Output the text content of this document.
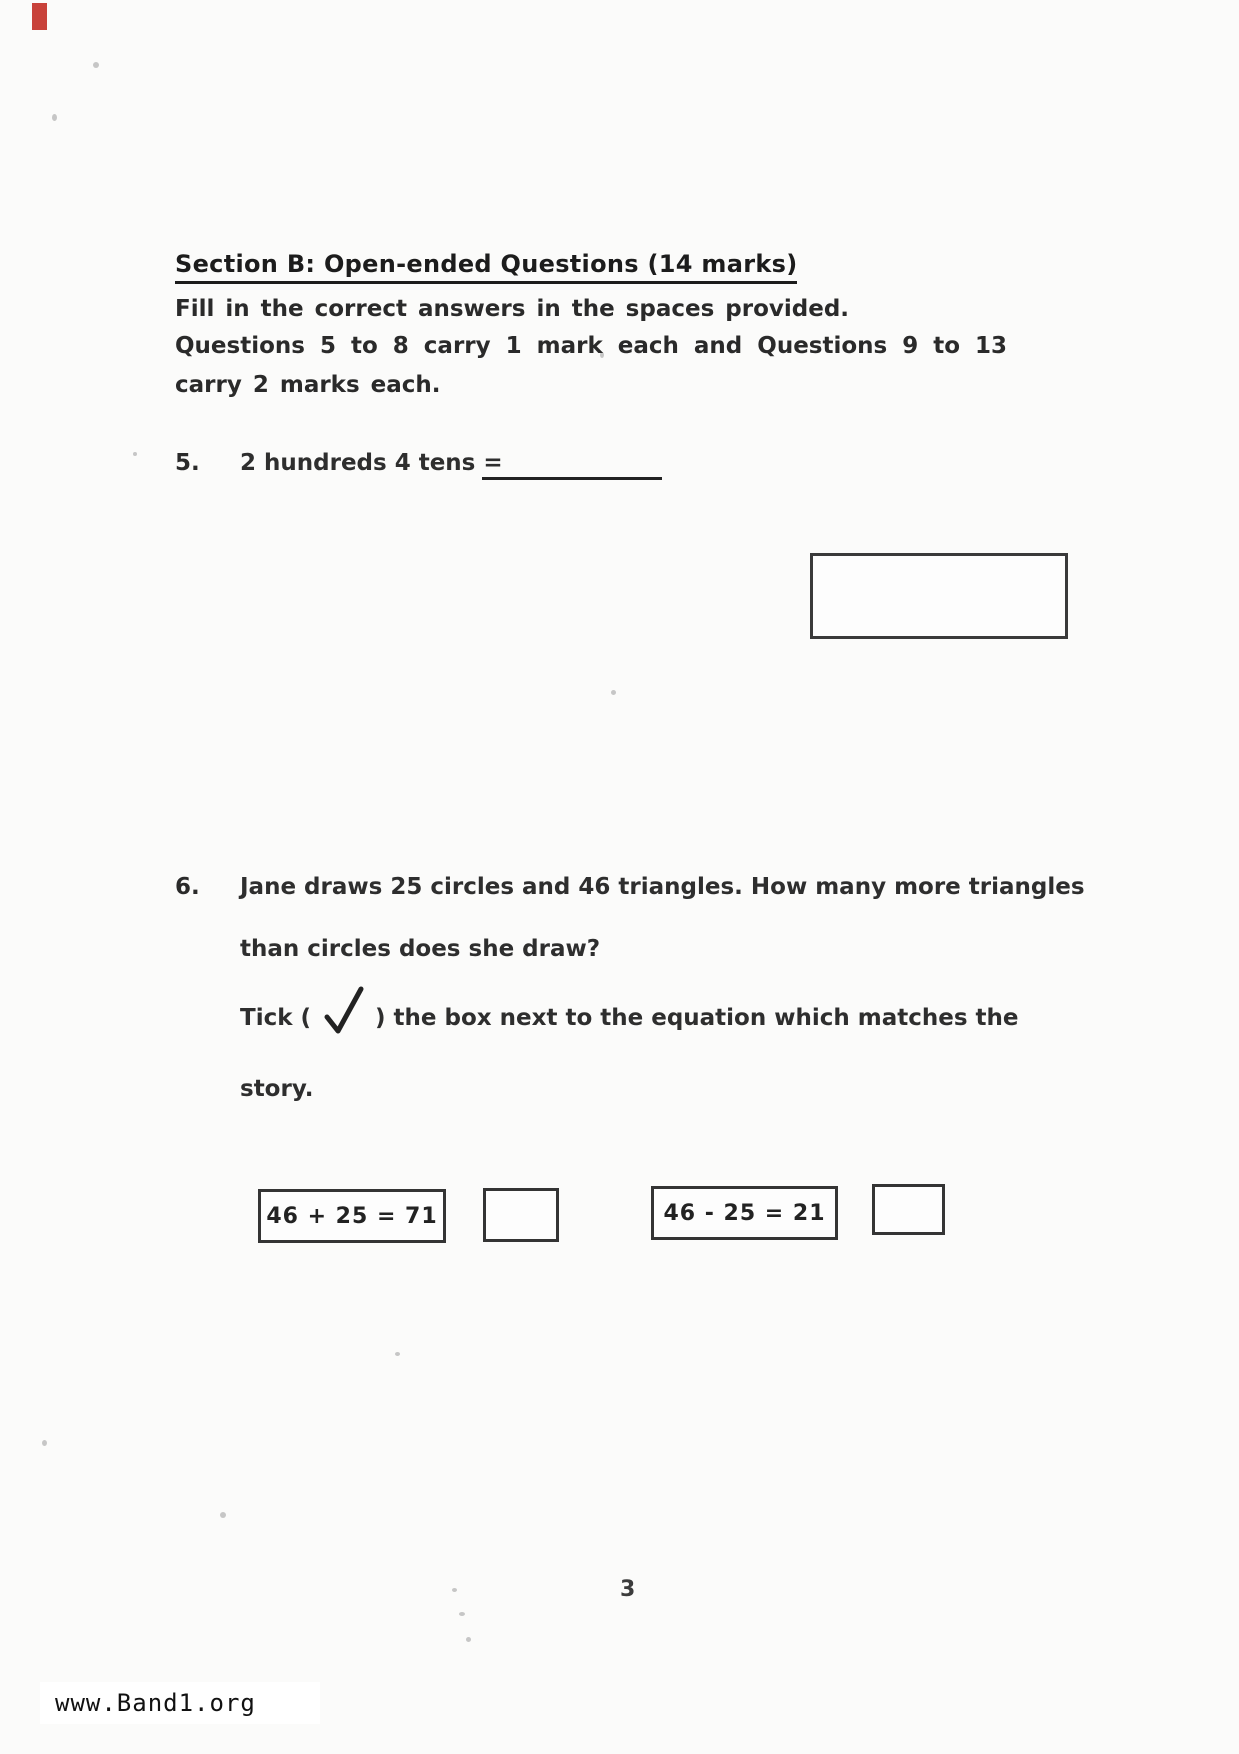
Section B: Open-ended Questions (14 marks)
Fill in the correct answers in the spaces provided.
Questions 5 to 8 carry 1 mark each and Questions 9 to 13
carry 2 marks each.
5. 2 hundreds 4 tens =
6. Jane draws 25 circles and 46 triangles. How many more triangles
than circles does she draw?
Tick (	) the box next to the equation which matches the
story.
46 + 25 = 71	46 - 25 = 21
3
www.Band1.org
